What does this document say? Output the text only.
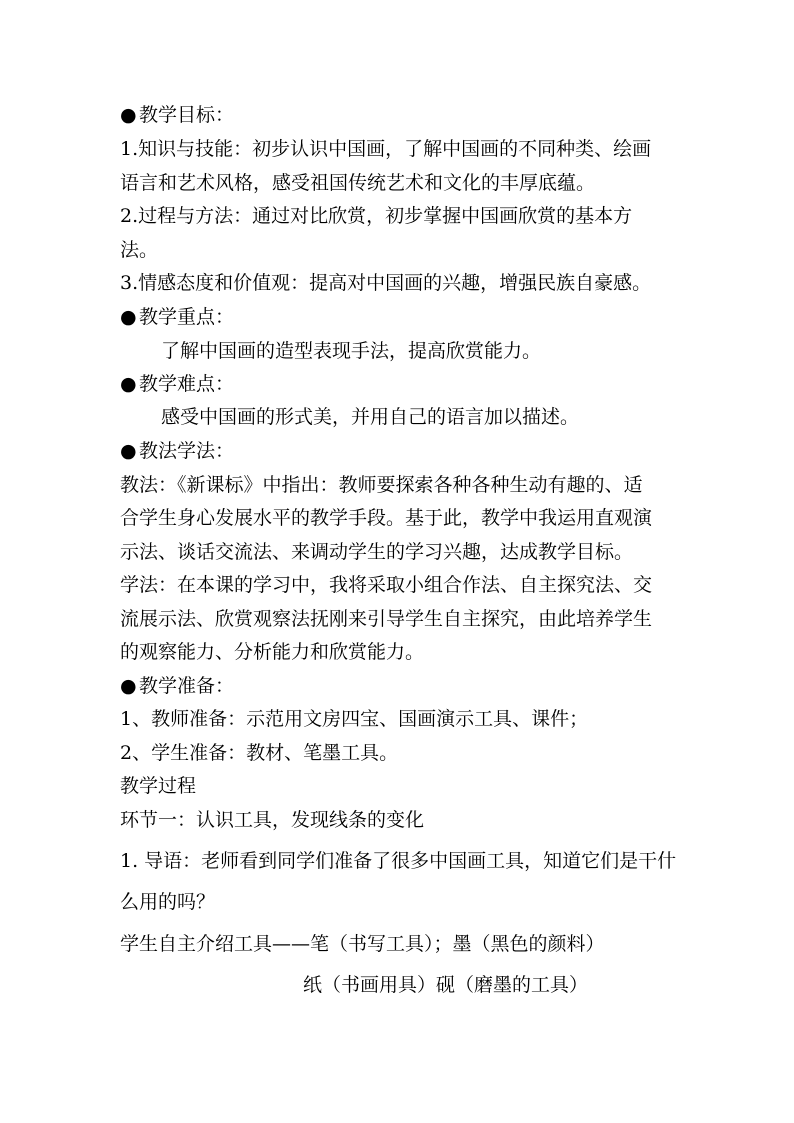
● 教学目标：

1.知识与技能：初步认识中国画，了解中国画的不同种类、绘画

语言和艺术风格，感受祖国传统艺术和文化的丰厚底蕴。

2.过程与方法：通过对比欣赏，初步掌握中国画欣赏的基本方

法。

3.情感态度和价值观：提高对中国画的兴趣，增强民族自豪感。

● 教学重点：

了解中国画的造型表现手法，提高欣赏能力。

● 教学难点：

感受中国画的形式美，并用自己的语言加以描述。

● 教法学法：

教法：《新课标》中指出：教师要探索各种各种生动有趣的、适

合学生身心发展水平的教学手段。基于此，教学中我运用直观演

示法、谈话交流法、来调动学生的学习兴趣，达成教学目标。

学法：在本课的学习中，我将采取小组合作法、自主探究法、交

流展示法、欣赏观察法抚刚来引导学生自主探究，由此培养学生

的观察能力、分析能力和欣赏能力。

● 教学准备：

1、教师准备：示范用文房四宝、国画演示工具、课件；

2、学生准备：教材、笔墨工具。

教学过程

环节一：认识工具，发现线条的变化

1. 导语：老师看到同学们准备了很多中国画工具，知道它们是干什

么用的吗？

学生自主介绍工具——笔（书写工具）；墨（黑色的颜料）

纸（书画用具）砚（磨墨的工具）
